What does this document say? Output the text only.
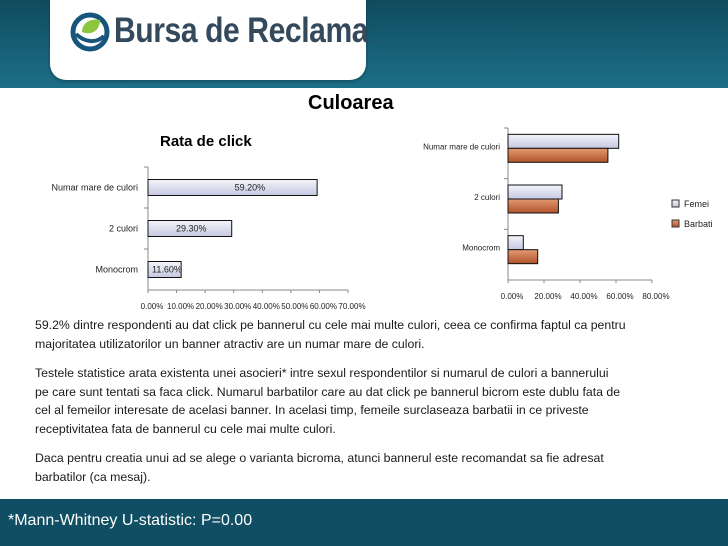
Bursa de Reclama
Culoarea
Rata de click
Numar mare de culori	59.20%
2 culori	29.30%
Monocrom 11.60%
0.00% 10.00% 20.00% 30.00% 40.00% 50.00% 60.00% 70.00%
Numar mare de culori
2 culori
Monocrom
0.00% 20.00% 40.00% 60.00% 80.00%
Femei
Barbati
59.2% dintre respondenti au dat click pe bannerul cu cele mai multe culori, ceea ce confirma faptul ca pentru
majoritatea utilizatorilor un banner atractiv are un numar mare de culori.
Testele statistice arata existenta unei asocieri* intre sexul respondentilor si numarul de culori a bannerului
pe care sunt tentati sa faca click. Numarul barbatilor care au dat click pe bannerul bicrom este dublu fata de
cel al femeilor interesate de acelasi banner. In acelasi timp, femeile surclaseaza barbatii in ce priveste
receptivitatea fata de bannerul cu cele mai multe culori.
Daca pentru creatia unui ad se alege o varianta bicroma, atunci bannerul este recomandat sa fie adresat
barbatilor (ca mesaj).
*Mann-Whitney U-statistic: P=0.00
